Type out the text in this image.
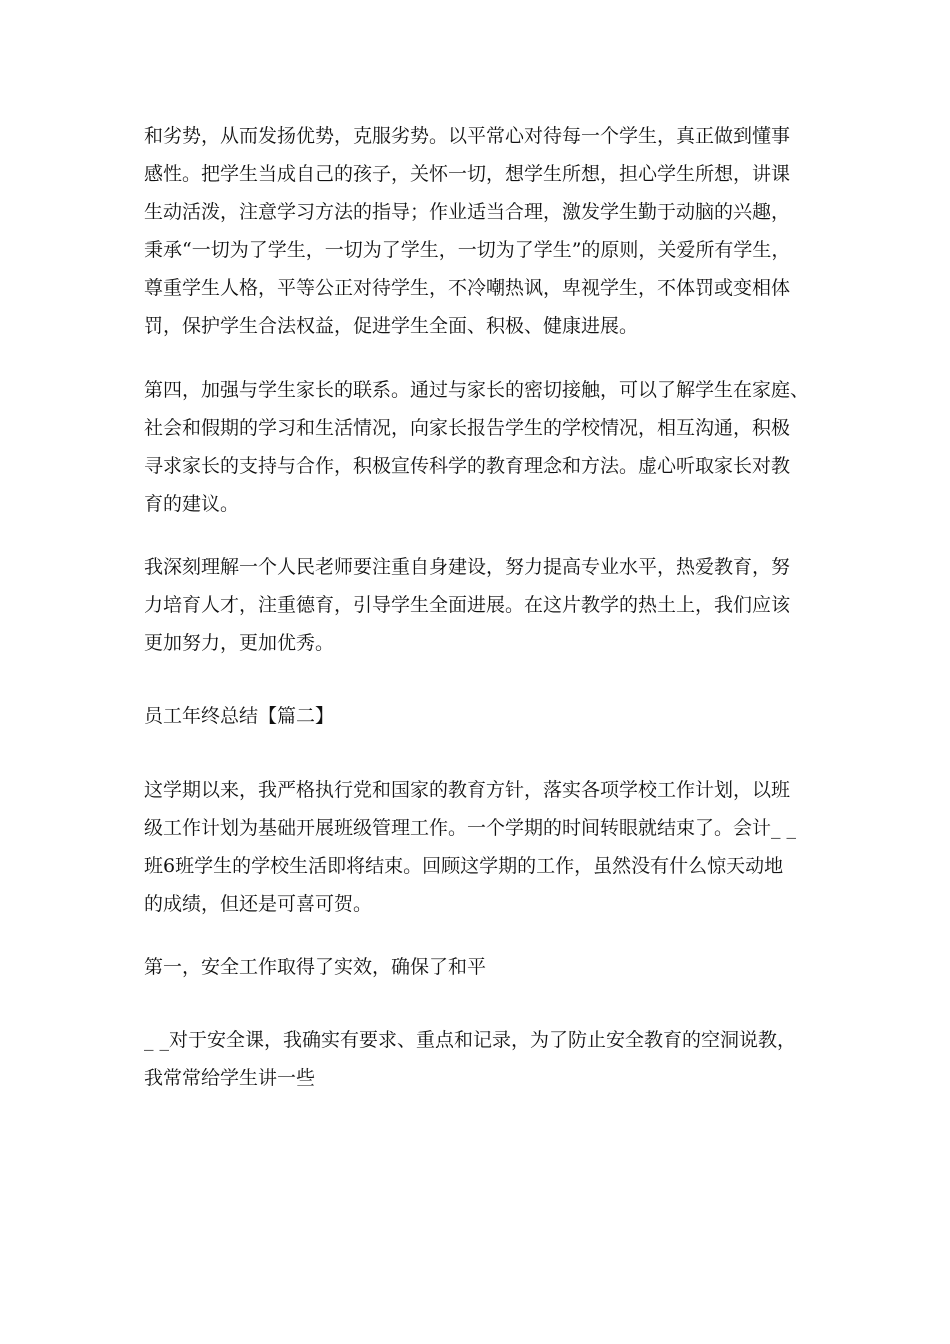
和劣势，从而发扬优势，克服劣势。以平常心对待每一个学生，真正做到懂事
感性。把学生当成自己的孩子，关怀一切，想学生所想，担心学生所想，讲课
生动活泼，注意学习方法的指导；作业适当合理，激发学生勤于动脑的兴趣，
秉承“一切为了学生，一切为了学生，一切为了学生”的原则，关爱所有学生，
尊重学生人格，平等公正对待学生，不冷嘲热讽，卑视学生，不体罚或变相体
罚，保护学生合法权益，促进学生全面、积极、健康进展。
第四，加强与学生家长的联系。通过与家长的密切接触，可以了解学生在家庭、
社会和假期的学习和生活情况，向家长报告学生的学校情况，相互沟通，积极
寻求家长的支持与合作，积极宣传科学的教育理念和方法。虚心听取家长对教
育的建议。
我深刻理解一个人民老师要注重自身建设，努力提高专业水平，热爱教育，努
力培育人才，注重德育，引导学生全面进展。在这片教学的热土上，我们应该
更加努力，更加优秀。
员工年终总结【篇二】
这学期以来，我严格执行党和国家的教育方针，落实各项学校工作计划，以班
级工作计划为基础开展班级管理工作。一个学期的时间转眼就结束了。会计_ _
班6班学生的学校生活即将结束。回顾这学期的工作，虽然没有什么惊天动地
的成绩，但还是可喜可贺。
第一，安全工作取得了实效，确保了和平
_ _对于安全课，我确实有要求、重点和记录，为了防止安全教育的空洞说教，
我常常给学生讲一些
